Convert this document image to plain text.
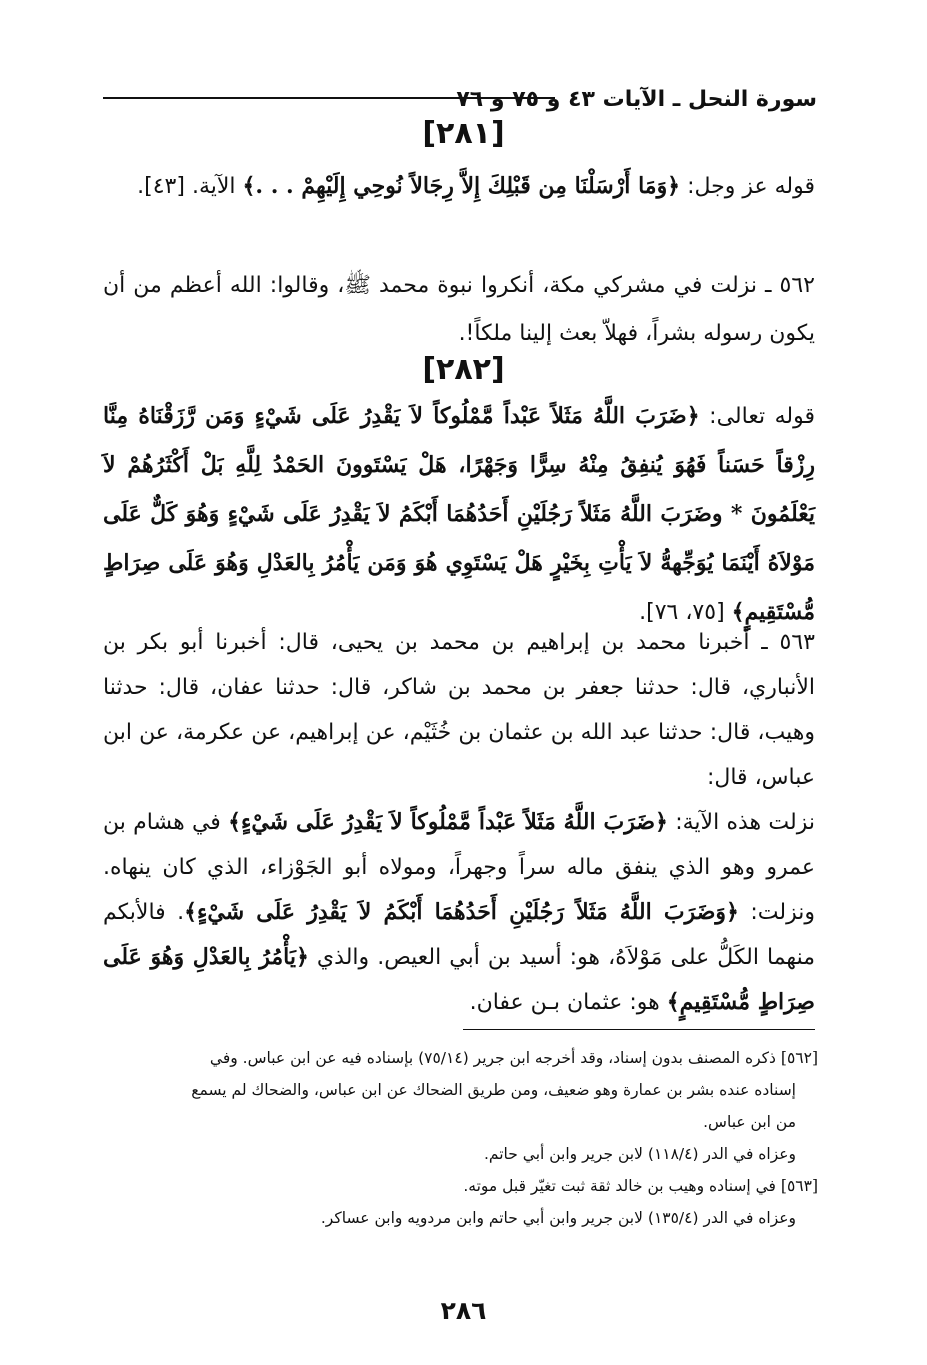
سورة النحل ـ الآيات ٤٣ و ٧٥ و ٧٦
[٢٨١]

قوله عز وجل: ﴿وَمَا أَرْسَلْنَا مِن قَبْلِكَ إِلاَّ رِجَالاً نُوحِي إِلَيْهِمْ . . .﴾ الآية. [٤٣].

٥٦٢ ـ نزلت في مشركي مكة، أنكروا نبوة محمد ﷺ، وقالوا: الله أعظم من أن يكون رسوله بشراً، فهلاّ بعث إلينا ملكاً!.

[٢٨٢]

قوله تعالى: ﴿ضَرَبَ اللَّهُ مَثَلاً عَبْداً مَّمْلُوكاً لاَ يَقْدِرُ عَلَى شَيْءٍ وَمَن رَّزَقْنَاهُ مِنَّا رِزْقاً حَسَناً فَهُوَ يُنفِقُ مِنْهُ سِرًّا وَجَهْرًا، هَلْ يَسْتَوونَ الحَمْدُ لِلَّهِ بَلْ أَكْثَرُهُمْ لاَ يَعْلَمُونَ * وضَرَبَ اللَّهُ مَثَلاً رَجُلَيْنِ أَحَدُهُمَا أَبْكَمُ لاَ يَقْدِرُ عَلَى شَيْءٍ وَهُوَ كَلٌّ عَلَى مَوْلاَهُ أَيْنَمَا يُوَجِّههُّ لاَ يَأْتِ بِخَيْرٍ هَلْ يَسْتَوِي هُوَ وَمَن يَأْمُرُ بِالعَدْلِ وَهُوَ عَلَى صِرَاطٍ مُّسْتَقِيمٍ﴾ [٧٥، ٧٦].

٥٦٣ ـ أخبرنا محمد بن إبراهيم بن محمد بن يحيى، قال: أخبرنا أبو بكر بن الأنباري، قال: حدثنا جعفر بن محمد بن شاكر، قال: حدثنا عفان، قال: حدثنا وهيب، قال: حدثنا عبد الله بن عثمان بن خُثَيْم، عن إبراهيم، عن عكرمة، عن ابن عباس، قال:

نزلت هذه الآية: ﴿ضَرَبَ اللَّهُ مَثَلاً عَبْداً مَّمْلُوكاً لاَ يَقْدِرُ عَلَى شَيْءٍ﴾ في هشام بن عمرو وهو الذي ينفق ماله سراً وجهراً، ومولاه أبو الجَوْزاء، الذي كان ينهاه. ونزلت: ﴿وَضَرَبَ اللَّهُ مَثَلاً رَجُلَيْنِ أَحَدُهُمَا أَبْكَمُ لاَ يَقْدِرُ عَلَى شَيْءٍ﴾. فالأبكم منهما الكَلُّ على مَوْلاَهُ، هو: أسيد بن أبي العيص. والذي ﴿يَأْمُرُ بِالعَدْلِ وَهُوَ عَلَى صِرَاطٍ مُّسْتَقِيمٍ﴾ هو: عثمان بـن عفان.

[٥٦٢] ذكره المصنف بدون إسناد، وقد أخرجه ابن جرير (٧٥/١٤) بإسناده فيه عن ابن عباس. وفي

إسناده عنده بشر بن عمارة وهو ضعيف، ومن طريق الضحاك عن ابن عباس، والضحاك لم يسمع

من ابن عباس.

وعزاه في الدر (١١٨/٤) لابن جرير وابن أبي حاتم.

[٥٦٣] في إسناده وهيب بن خالد ثقة ثبت تغيّر قبل موته.

وعزاه في الدر (١٣٥/٤) لابن جرير وابن أبي حاتم وابن مردويه وابن عساكر.

٢٨٦
